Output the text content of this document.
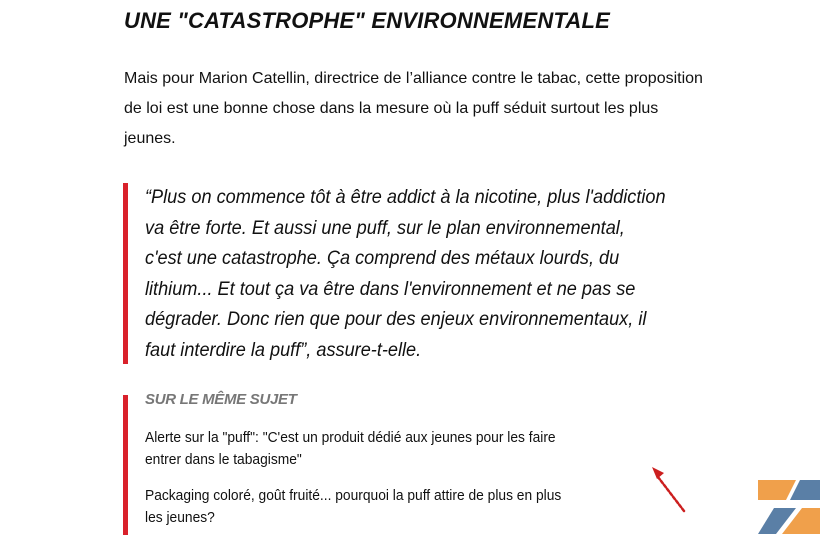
UNE "CATASTROPHE" ENVIRONNEMENTALE

Mais pour Marion Catellin, directrice de l’alliance contre le tabac, cette proposition de loi est une bonne chose dans la mesure où la puff séduit surtout les plus jeunes.

“Plus on commence tôt à être addict à la nicotine, plus l'addiction va être forte. Et aussi une puff, sur le plan environnemental, c'est une catastrophe. Ça comprend des métaux lourds, du lithium... Et tout ça va être dans l'environnement et ne pas se dégrader. Donc rien que pour des enjeux environnementaux, il faut interdire la puff”, assure-t-elle.

SUR LE MÊME SUJET

Alerte sur la "puff": "C'est un produit dédié aux jeunes pour les faire entrer dans le tabagisme"
Packaging coloré, goût fruité... pourquoi la puff attire de plus en plus les jeunes?
